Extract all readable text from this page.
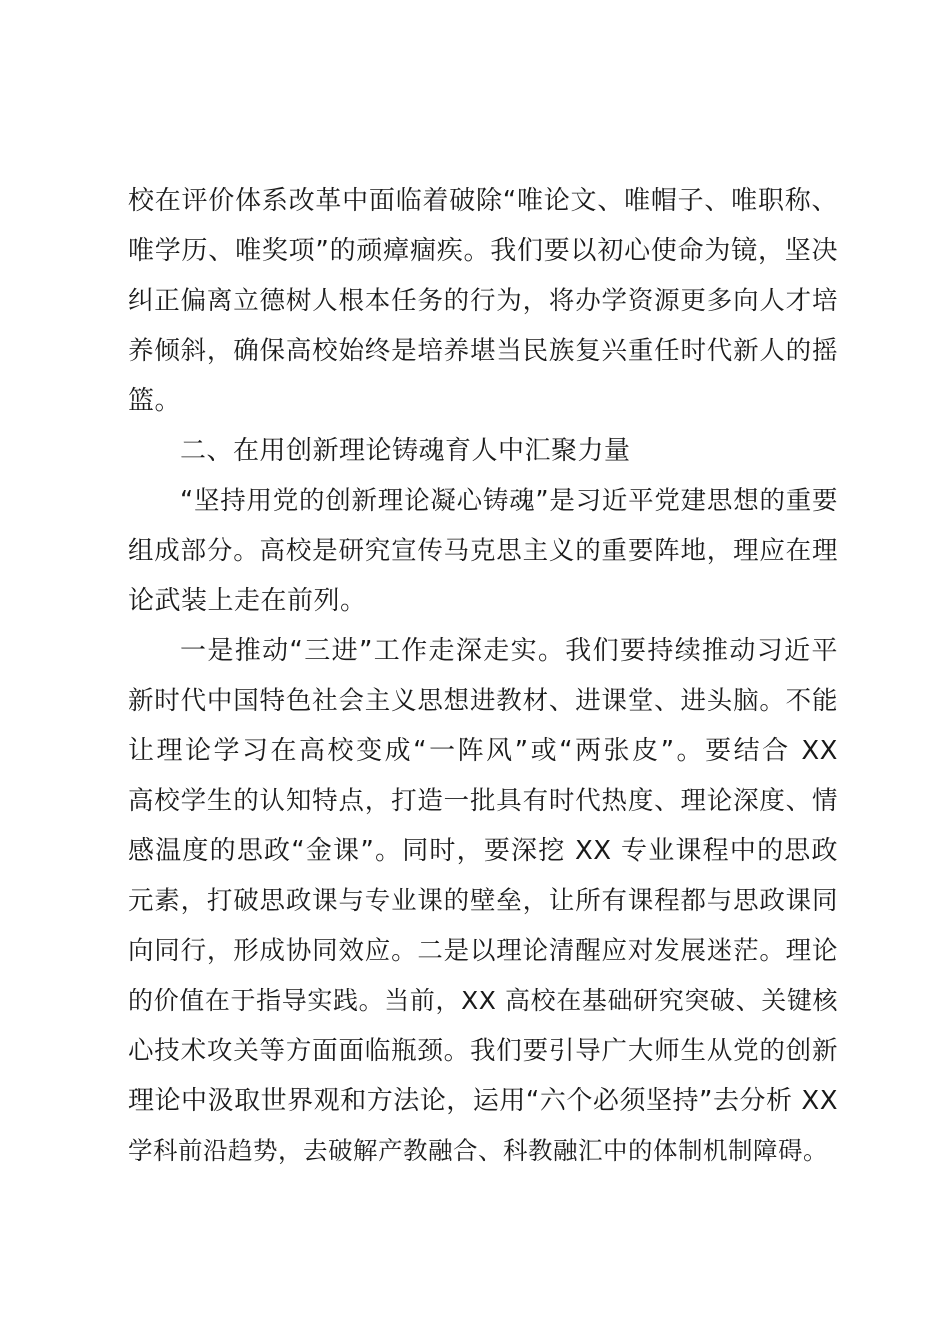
校在评价体系改革中面临着破除“唯论文、唯帽子、唯职称、
唯学历、唯奖项”的顽瘴痼疾。我们要以初心使命为镜，坚决
纠正偏离立德树人根本任务的行为，将办学资源更多向人才培
养倾斜，确保高校始终是培养堪当民族复兴重任时代新人的摇
篮。
二、在用创新理论铸魂育人中汇聚力量
“坚持用党的创新理论凝心铸魂”是习近平党建思想的重要
组成部分。高校是研究宣传马克思主义的重要阵地，理应在理
论武装上走在前列。
一是推动“三进”工作走深走实。我们要持续推动习近平
新时代中国特色社会主义思想进教材、进课堂、进头脑。不能
让理论学习在高校变成“一阵风”或“两张皮”。要结合 XX
高校学生的认知特点，打造一批具有时代热度、理论深度、情
感温度的思政“金课”。同时，要深挖 XX 专业课程中的思政
元素，打破思政课与专业课的壁垒，让所有课程都与思政课同
向同行，形成协同效应。二是以理论清醒应对发展迷茫。理论
的价值在于指导实践。当前，XX 高校在基础研究突破、关键核
心技术攻关等方面面临瓶颈。我们要引导广大师生从党的创新
理论中汲取世界观和方法论，运用“六个必须坚持”去分析 XX
学科前沿趋势，去破解产教融合、科教融汇中的体制机制障碍。
